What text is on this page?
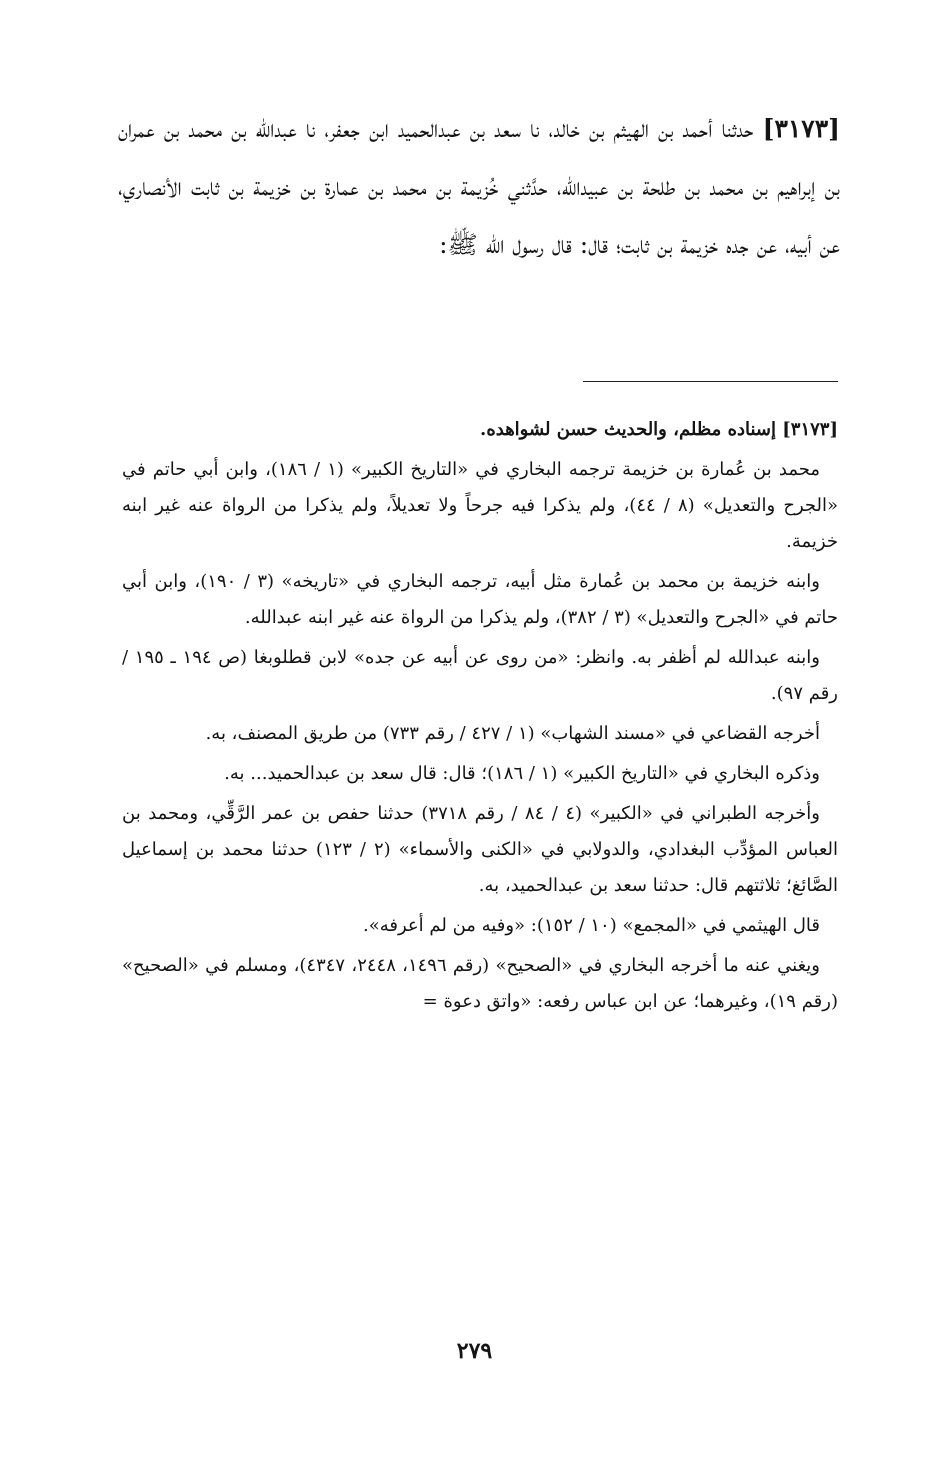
[٣١٧٣] حدثنا أحمد بن الهيثم بن خالد، نا سعد بن عبدالحميد ابن جعفر، نا عبدالله بن محمد بن عمران بن إبراهيم بن محمد بن طلحة بن عبيدالله، حدَّثني خُزيمة بن محمد بن عمارة بن خزيمة بن ثابت الأنصاري، عن أبيه، عن جده خزيمة بن ثابت؛ قال: قال رسول الله ﷺ:

[٣١٧٣] إسناده مظلم، والحديث حسن لشواهده.

محمد بن عُمارة بن خزيمة ترجمه البخاري في «التاريخ الكبير» (١ / ١٨٦)، وابن أبي حاتم في «الجرح والتعديل» (٨ / ٤٤)، ولم يذكرا فيه جرحاً ولا تعديلاً، ولم يذكرا من الرواة عنه غير ابنه خزيمة.

وابنه خزيمة بن محمد بن عُمارة مثل أبيه، ترجمه البخاري في «تاريخه» (٣ / ١٩٠)، وابن أبي حاتم في «الجرح والتعديل» (٣ / ٣٨٢)، ولم يذكرا من الرواة عنه غير ابنه عبدالله.

وابنه عبدالله لم أظفر به. وانظر: «من روى عن أبيه عن جده» لابن قطلوبغا (ص ١٩٤ ـ ١٩٥ / رقم ٩٧).

أخرجه القضاعي في «مسند الشهاب» (١ / ٤٢٧ / رقم ٧٣٣) من طريق المصنف، به.

وذكره البخاري في «التاريخ الكبير» (١ / ١٨٦)؛ قال: قال سعد بن عبدالحميد... به.

وأخرجه الطبراني في «الكبير» (٤ / ٨٤ / رقم ٣٧١٨) حدثنا حفص بن عمر الرَّقِّي، ومحمد بن العباس المؤدِّب البغدادي، والدولابي في «الكنى والأسماء» (٢ / ١٢٣) حدثنا محمد بن إسماعيل الصَّائغ؛ ثلاثتهم قال: حدثنا سعد بن عبدالحميد، به.

قال الهيثمي في «المجمع» (١٠ / ١٥٢): «وفيه من لم أعرفه».

ويغني عنه ما أخرجه البخاري في «الصحيح» (رقم ١٤٩٦، ٢٤٤٨، ٤٣٤٧)، ومسلم في «الصحيح» (رقم ١٩)، وغيرهما؛ عن ابن عباس رفعه: «واتق دعوة =

٢٧٩
